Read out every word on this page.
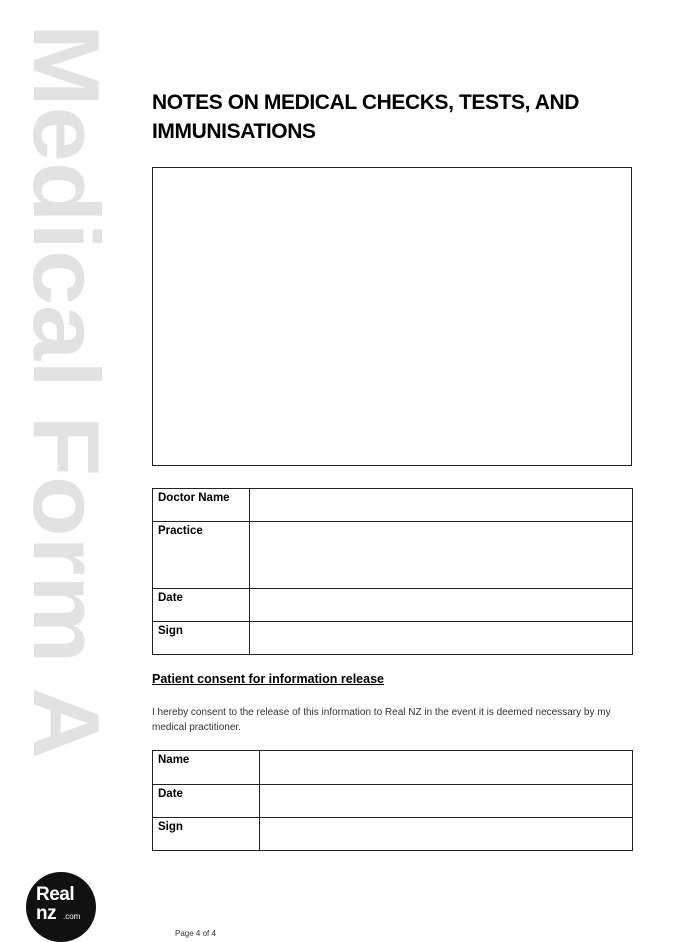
Medical Form A NOTES ON MEDICAL CHECKS, TESTS, AND
IMMUNISATIONS
Doctor Name	
Practice	
Date	
Sign	
Patient consent for information release

I hereby consent to the release of this information to Real NZ in the event it is deemed necessary by my medical practitioner.

Name	
Date	
Sign	
Real
nz .com
Page 4 of 4
